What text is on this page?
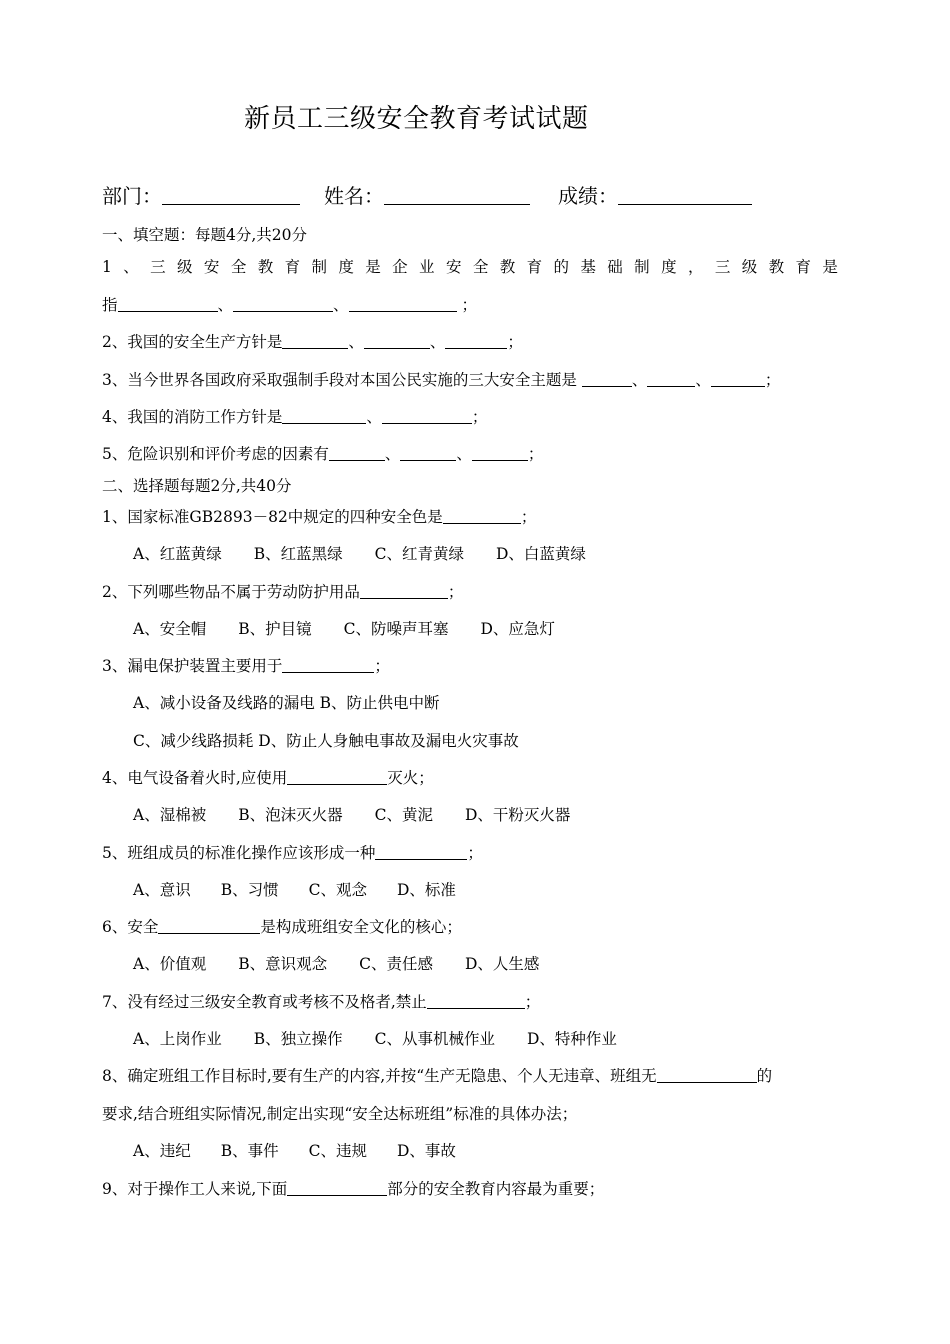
新员工三级安全教育考试试题
部门：	姓名：	成绩：
一、填空题：每题4分,共20分
1 、 三 级 安 全 教 育 制 度 是 企 业 安 全 教 育 的 基 础 制 度 ， 三 级 教 育 是
指	、	、	；
2、我国的安全生产方针是	、	、	；
3、当今世界各国政府采取强制手段对本国公民实施的三大安全主题是	、	、	；
4、我国的消防工作方针是	、	；
5、危险识别和评价考虑的因素有	、	、	；
二、选择题每题2分,共40分
1、国家标准GB2893－82中规定的四种安全色是	；
A、红蓝黄绿 B、红蓝黑绿 C、红青黄绿 D、白蓝黄绿
2、下列哪些物品不属于劳动防护用品	；
A、安全帽 B、护目镜 C、防噪声耳塞 D、应急灯
3、漏电保护装置主要用于	；
A、减小设备及线路的漏电 B、防止供电中断
C、减少线路损耗 D、防止人身触电事故及漏电火灾事故
4、电气设备着火时,应使用	灭火；
A、湿棉被 B、泡沫灭火器 C、黄泥 D、干粉灭火器
5、班组成员的标准化操作应该形成一种	；
A、意识 B、习惯 C、观念 D、标准
6、安全	是构成班组安全文化的核心；
A、价值观 B、意识观念 C、责任感 D、人生感
7、没有经过三级安全教育或考核不及格者,禁止	；
A、上岗作业 B、独立操作 C、从事机械作业 D、特种作业
8、确定班组工作目标时,要有生产的内容,并按“生产无隐患、个人无违章、班组无	的
要求,结合班组实际情况,制定出实现“安全达标班组”标准的具体办法；
A、违纪 B、事件 C、违规 D、事故
9、对于操作工人来说,下面	部分的安全教育内容最为重要；
